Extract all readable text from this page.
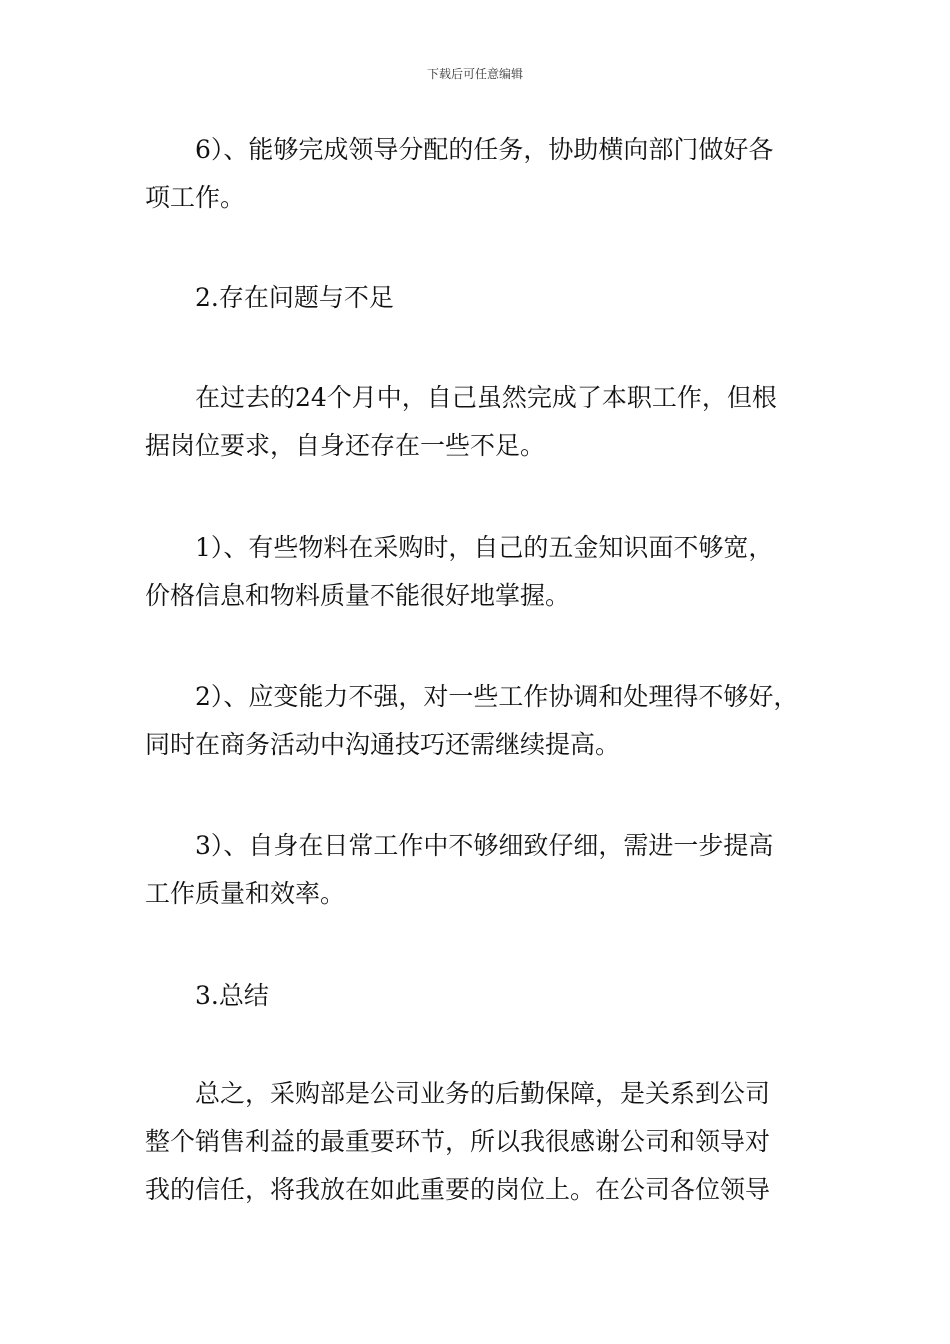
下载后可任意编辑

　　6）、能够完成领导分配的任务，协助横向部门做好各
项工作。

　　2.存在问题与不足

　　在过去的24个月中，自己虽然完成了本职工作，但根
据岗位要求，自身还存在一些不足。

　　1）、有些物料在采购时，自己的五金知识面不够宽，
价格信息和物料质量不能很好地掌握。

　　2）、应变能力不强，对一些工作协调和处理得不够好，
同时在商务活动中沟通技巧还需继续提高。

　　3）、自身在日常工作中不够细致仔细，需进一步提高
工作质量和效率。

　　3.总结

　　总之，采购部是公司业务的后勤保障，是关系到公司
整个销售利益的最重要环节，所以我很感谢公司和领导对
我的信任，将我放在如此重要的岗位上。在公司各位领导
